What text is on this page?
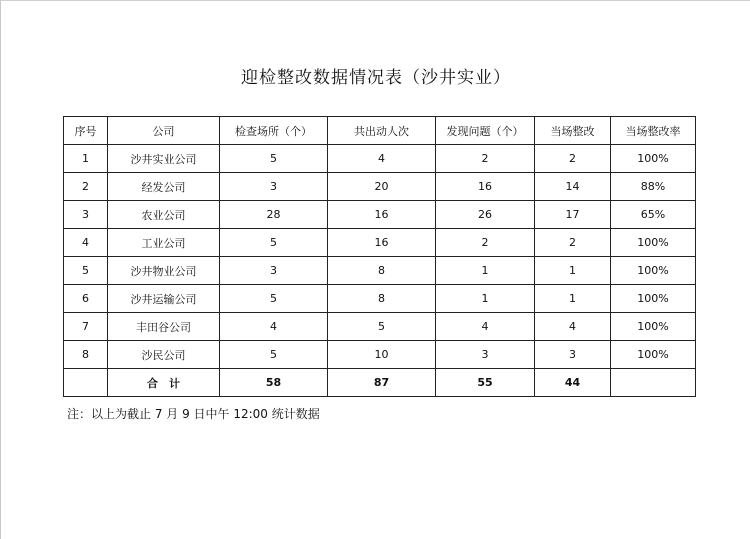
迎检整改数据情况表（沙井实业）
序号	公司	检查场所（个）	共出动人次	发现问题（个）	当场整改	当场整改率
1	沙井实业公司	5	4	2	2	100%
2	经发公司	3	20	16	14	88%
3	农业公司	28	16	26	17	65%
4	工业公司	5	16	2	2	100%
5	沙井物业公司	3	8	1	1	100%
6	沙井运输公司	5	8	1	1	100%
7	丰田谷公司	4	5	4	4	100%
8	沙民公司	5	10	3	3	100%
	合　计	58	87	55	44	
注：以上为截止 7 月 9 日中午 12:00 统计数据
